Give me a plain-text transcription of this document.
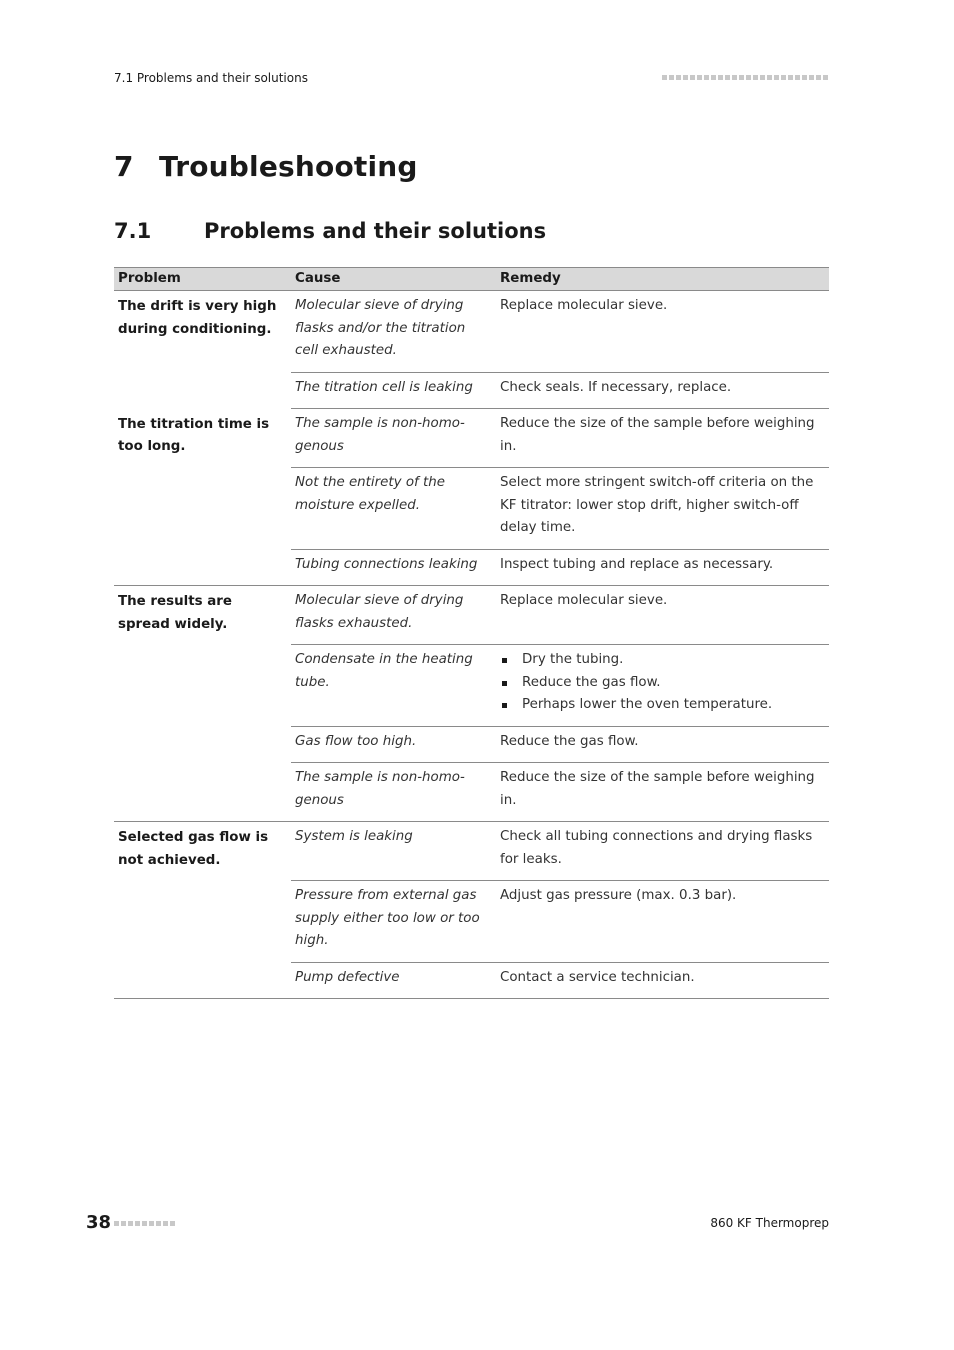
7.1 Problems and their solutions
7 Troubleshooting
7.1	Problems and their solutions
Problem	Cause	Remedy
The drift is very high during conditioning.	Molecular sieve of drying flasks and/or the titration cell exhausted.	Replace molecular sieve.
	The titration cell is leaking	Check seals. If necessary, replace.
The titration time is too long.	The sample is non-homo-genous	Reduce the size of the sample before weighing in.
	Not the entirety of the moisture expelled.	Select more stringent switch-off criteria on the KF titrator: lower stop drift, higher switch-off delay time.
	Tubing connections leaking	Inspect tubing and replace as necessary.
The results are spread widely.	Molecular sieve of drying flasks exhausted.	Replace molecular sieve.
	Condensate in the heating tube.	Dry the tubing.
Reduce the gas flow.
Perhaps lower the oven temperature.

	Gas flow too high.	Reduce the gas flow.
	The sample is non-homo-genous	Reduce the size of the sample before weighing in.
Selected gas flow is not achieved.	System is leaking	Check all tubing connections and drying flasks for leaks.
	Pressure from external gas supply either too low or too high.	Adjust gas pressure (max. 0.3 bar).
	Pump defective	Contact a service technician.
38	860 KF Thermoprep
